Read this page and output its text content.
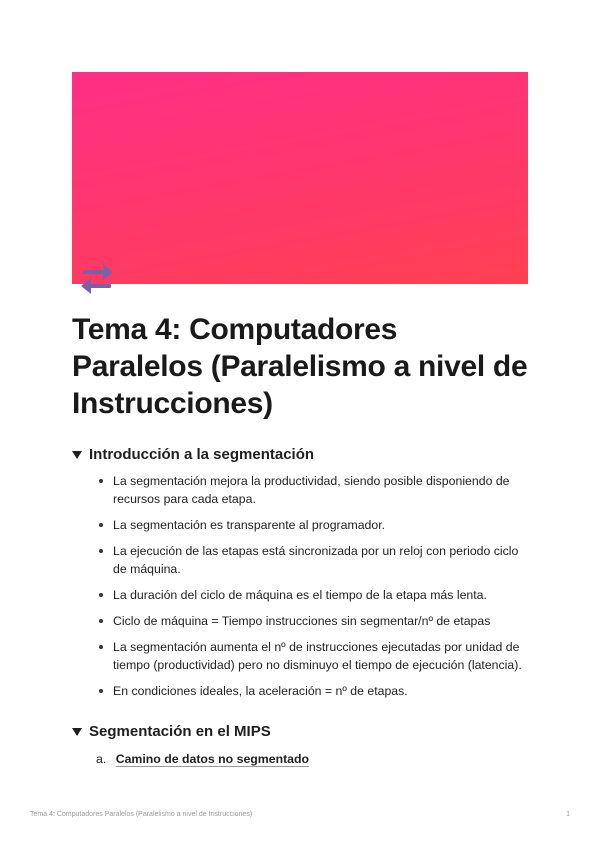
Tema 4: Computadores Paralelos (Paralelismo a nivel de Instrucciones)
Introducción a la segmentación
La segmentación mejora la productividad, siendo posible disponiendo de recursos para cada etapa.
La segmentación es transparente al programador.
La ejecución de las etapas está sincronizada por un reloj con periodo ciclo de máquina.
La duración del ciclo de máquina es el tiempo de la etapa más lenta.
Ciclo de máquina = Tiempo instrucciones sin segmentar/nº de etapas
La segmentación aumenta el nº de instrucciones ejecutadas por unidad de tiempo (productividad) pero no disminuyo el tiempo de ejecución (latencia).
En condiciones ideales, la aceleración = nº de etapas.
Segmentación en el MIPS
a. Camino de datos no segmentado
Tema 4: Computadores Paralelos (Paralelismo a nivel de Instrucciones)	1
